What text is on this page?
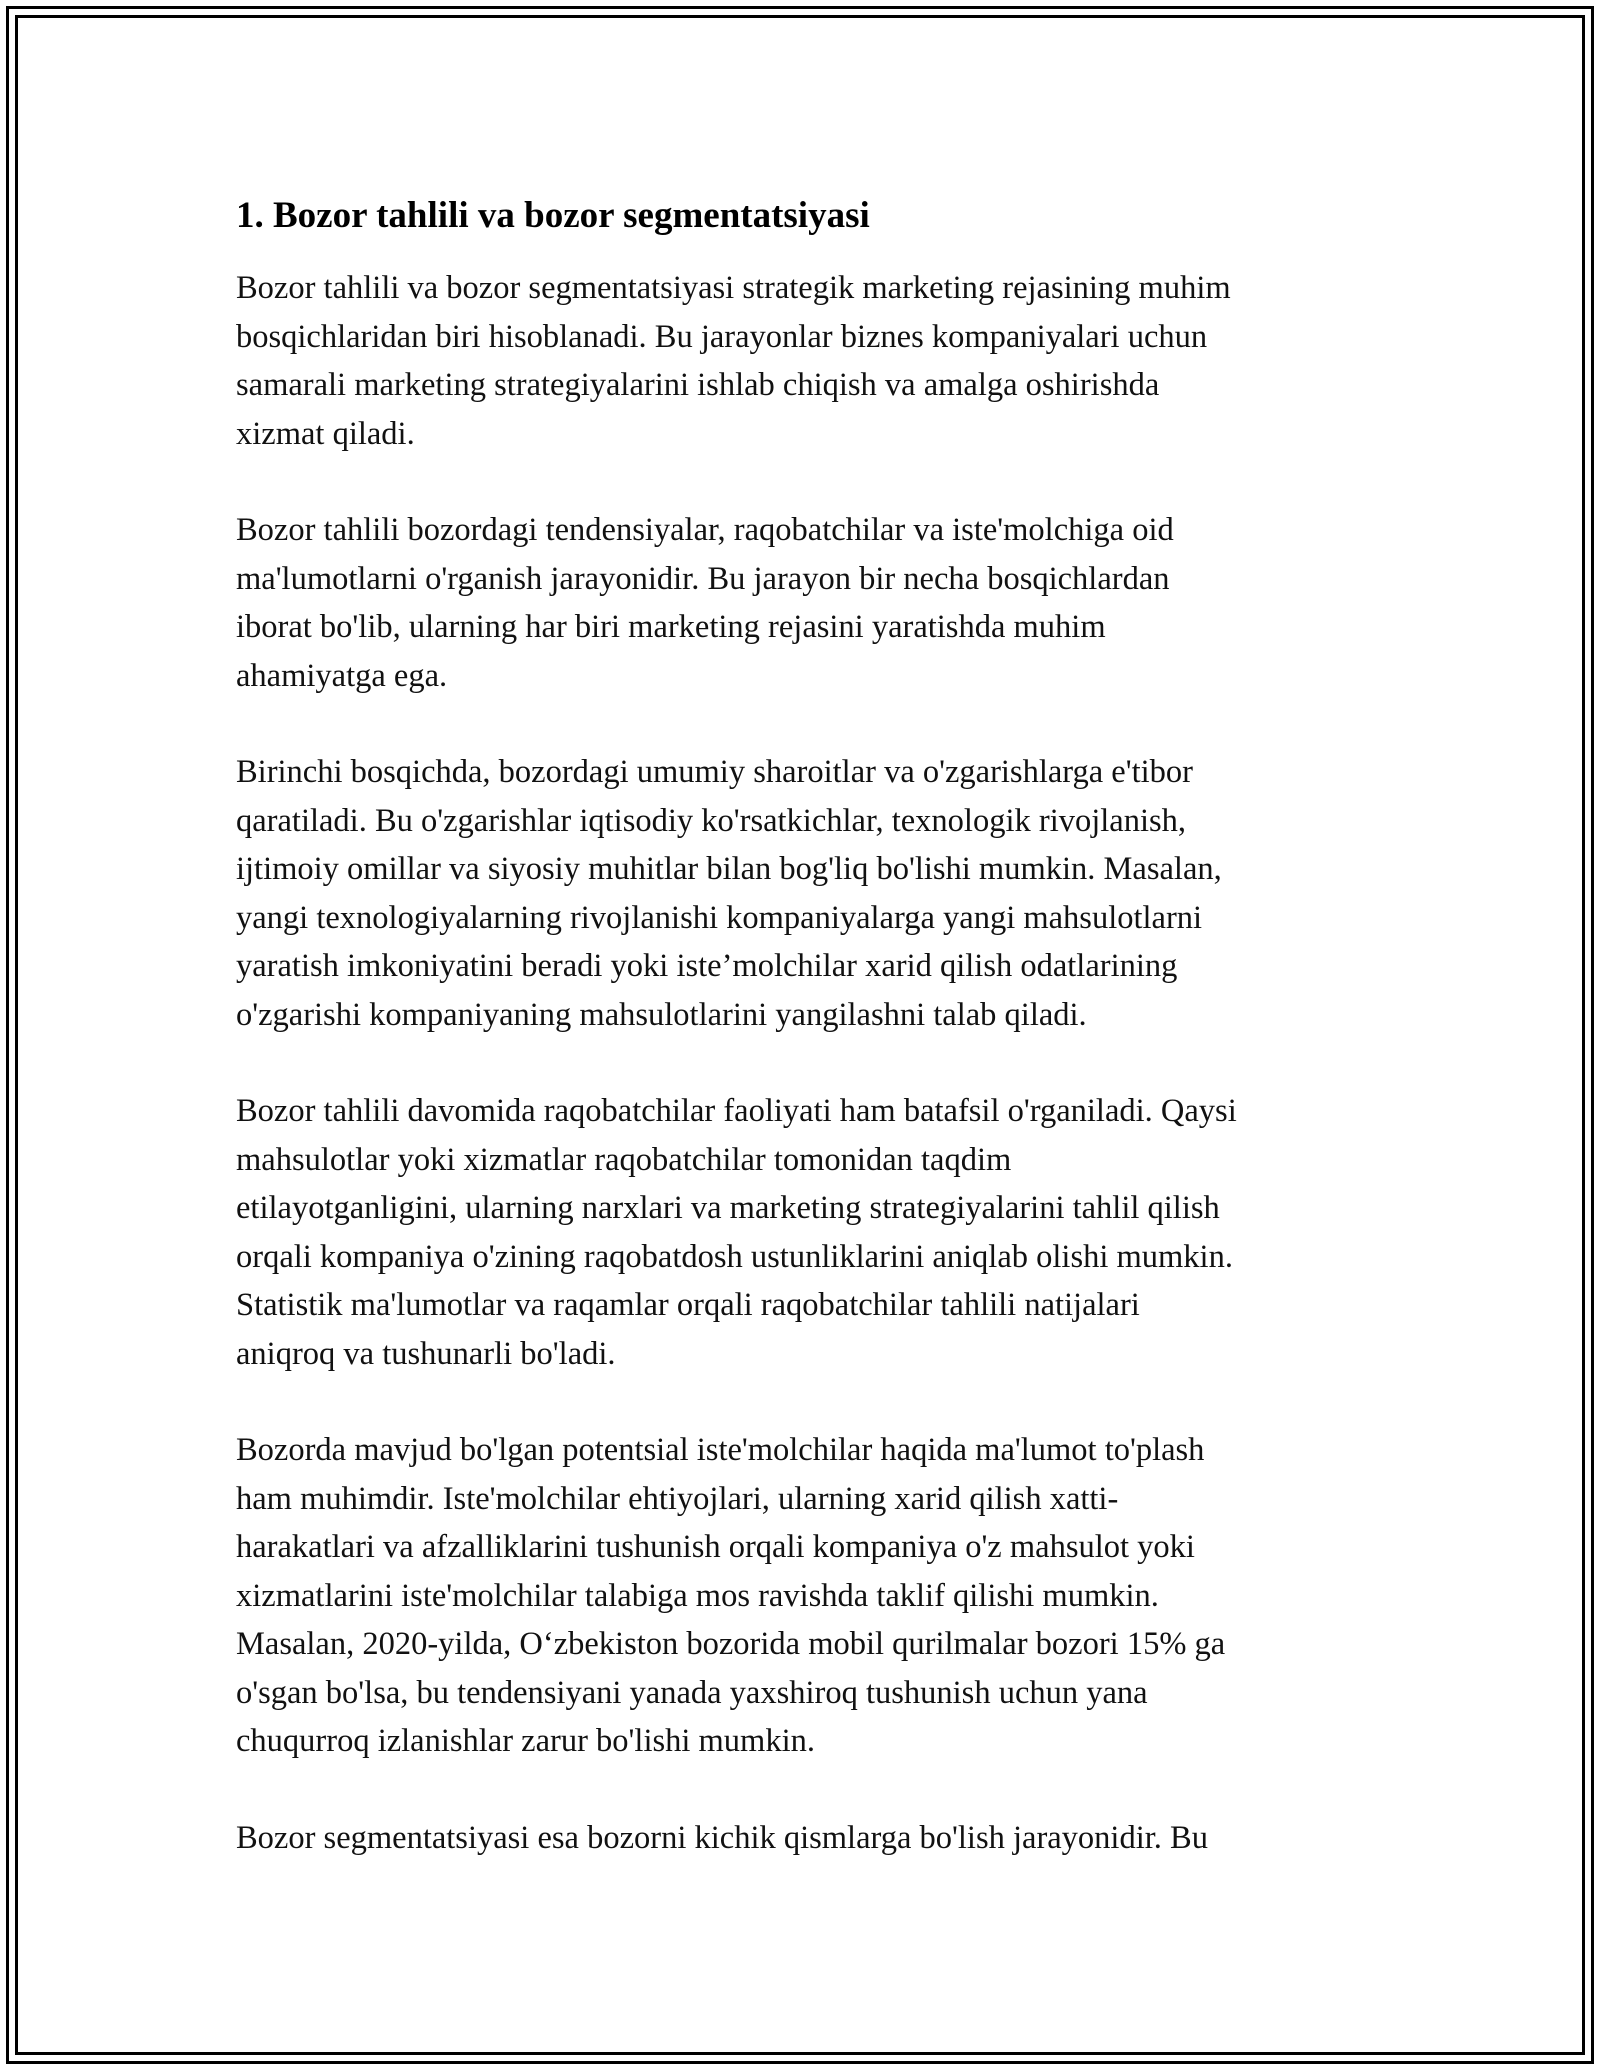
1. Bozor tahlili va bozor segmentatsiyasi
Bozor tahlili va bozor segmentatsiyasi strategik marketing rejasining muhim
bosqichlaridan biri hisoblanadi. Bu jarayonlar biznes kompaniyalari uchun
samarali marketing strategiyalarini ishlab chiqish va amalga oshirishda
xizmat qiladi.
Bozor tahlili bozordagi tendensiyalar, raqobatchilar va iste'molchiga oid
ma'lumotlarni o'rganish jarayonidir. Bu jarayon bir necha bosqichlardan
iborat bo'lib, ularning har biri marketing rejasini yaratishda muhim
ahamiyatga ega.
Birinchi bosqichda, bozordagi umumiy sharoitlar va o'zgarishlarga e'tibor
qaratiladi. Bu o'zgarishlar iqtisodiy ko'rsatkichlar, texnologik rivojlanish,
ijtimoiy omillar va siyosiy muhitlar bilan bog'liq bo'lishi mumkin. Masalan,
yangi texnologiyalarning rivojlanishi kompaniyalarga yangi mahsulotlarni
yaratish imkoniyatini beradi yoki iste’molchilar xarid qilish odatlarining
o'zgarishi kompaniyaning mahsulotlarini yangilashni talab qiladi.
Bozor tahlili davomida raqobatchilar faoliyati ham batafsil o'rganiladi. Qaysi
mahsulotlar yoki xizmatlar raqobatchilar tomonidan taqdim
etilayotganligini, ularning narxlari va marketing strategiyalarini tahlil qilish
orqali kompaniya o'zining raqobatdosh ustunliklarini aniqlab olishi mumkin.
Statistik ma'lumotlar va raqamlar orqali raqobatchilar tahlili natijalari
aniqroq va tushunarli bo'ladi.
Bozorda mavjud bo'lgan potentsial iste'molchilar haqida ma'lumot to'plash
ham muhimdir. Iste'molchilar ehtiyojlari, ularning xarid qilish xatti-
harakatlari va afzalliklarini tushunish orqali kompaniya o'z mahsulot yoki
xizmatlarini iste'molchilar talabiga mos ravishda taklif qilishi mumkin.
Masalan, 2020-yilda, O‘zbekiston bozorida mobil qurilmalar bozori 15% ga
o'sgan bo'lsa, bu tendensiyani yanada yaxshiroq tushunish uchun yana
chuqurroq izlanishlar zarur bo'lishi mumkin.
Bozor segmentatsiyasi esa bozorni kichik qismlarga bo'lish jarayonidir. Bu
